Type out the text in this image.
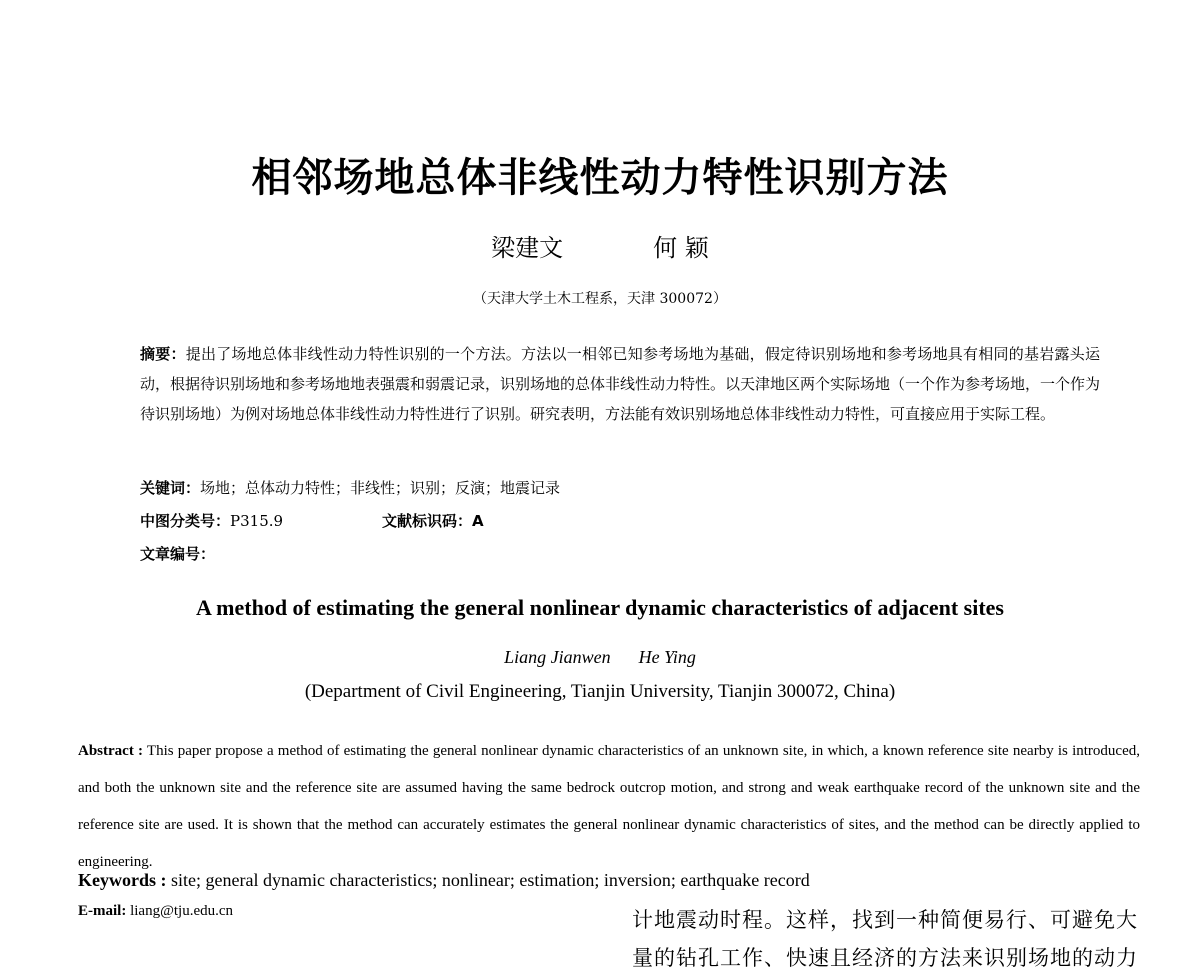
相邻场地总体非线性动力特性识别方法
梁建文	何 颖
（天津大学土木工程系，天津 300072）
摘要：提出了场地总体非线性动力特性识别的一个方法。方法以一相邻已知参考场地为基础，假定待识别场地和参考场地具有相同的基岩露头运动，根据待识别场地和参考场地地表强震和弱震记录，识别场地的总体非线性动力特性。以天津地区两个实际场地（一个作为参考场地，一个作为待识别场地）为例对场地总体非线性动力特性进行了识别。研究表明，方法能有效识别场地总体非线性动力特性，可直接应用于实际工程。
关键词：场地；总体动力特性；非线性；识别；反演；地震记录
中图分类号：P315.9	文献标识码：A
文章编号：
A method of estimating the general nonlinear dynamic characteristics of adjacent sites
Liang Jianwen He Ying
(Department of Civil Engineering, Tianjin University, Tianjin 300072, China)
Abstract : This paper propose a method of estimating the general nonlinear dynamic characteristics of an unknown site, in which, a known reference site nearby is introduced, and both the unknown site and the reference site are assumed having the same bedrock outcrop motion, and strong and weak earthquake record of the unknown site and the reference site are used. It is shown that the method can accurately estimates the general nonlinear dynamic characteristics of sites, and the method can be directly applied to engineering.
Keywords : site; general dynamic characteristics; nonlinear; estimation; inversion; earthquake record
E-mail: liang@tju.edu.cn	计地震动时程。这样，找到一种简便易行、可避免大
量的钻孔工作、快速且经济的方法来识别场地的动力
